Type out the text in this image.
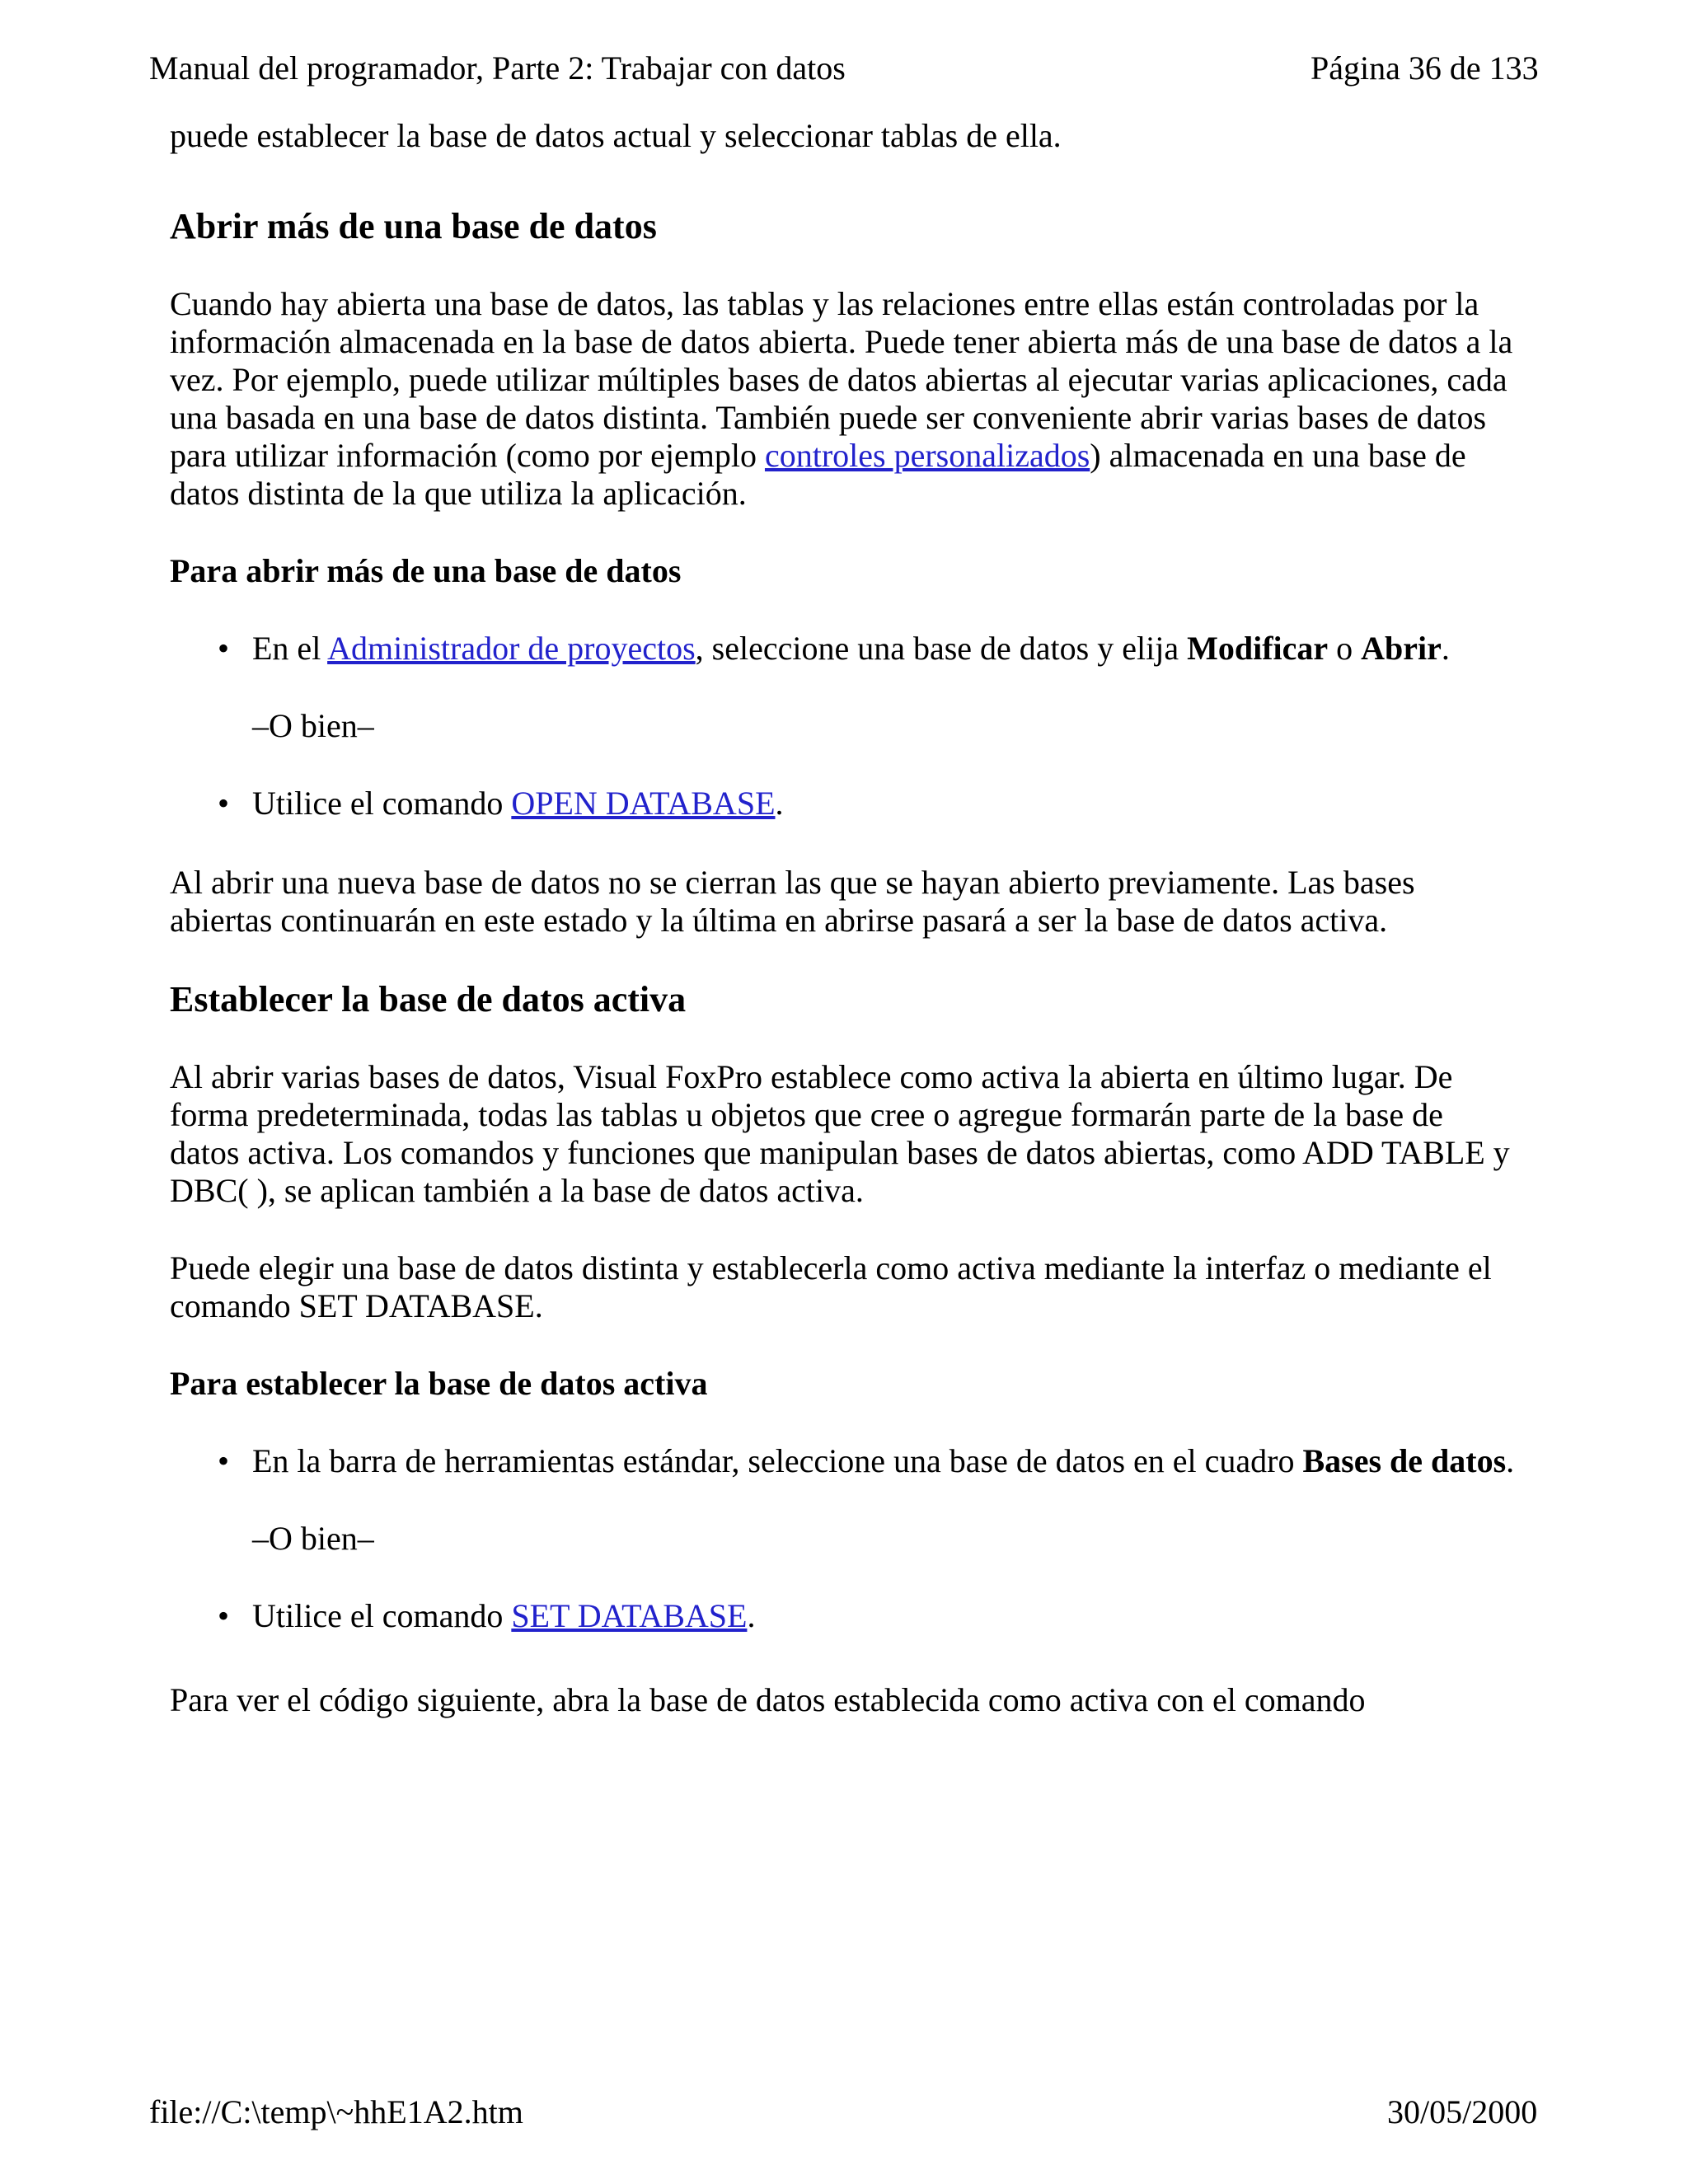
Manual del programador, Parte 2: Trabajar con datos	Página 36 de 133
puede establecer la base de datos actual y seleccionar tablas de ella.
Abrir más de una base de datos

Cuando hay abierta una base de datos, las tablas y las relaciones entre ellas están controladas por la
información almacenada en la base de datos abierta. Puede tener abierta más de una base de datos a la
vez. Por ejemplo, puede utilizar múltiples bases de datos abiertas al ejecutar varias aplicaciones, cada
una basada en una base de datos distinta. También puede ser conveniente abrir varias bases de datos
para utilizar información (como por ejemplo controles personalizados) almacenada en una base de
datos distinta de la que utiliza la aplicación.

Para abrir más de una base de datos

• En el Administrador de proyectos, seleccione una base de datos y elija Modificar o Abrir.

–O bien–

• Utilice el comando OPEN DATABASE.

Al abrir una nueva base de datos no se cierran las que se hayan abierto previamente. Las bases
abiertas continuarán en este estado y la última en abrirse pasará a ser la base de datos activa.

Establecer la base de datos activa

Al abrir varias bases de datos, Visual FoxPro establece como activa la abierta en último lugar. De
forma predeterminada, todas las tablas u objetos que cree o agregue formarán parte de la base de
datos activa. Los comandos y funciones que manipulan bases de datos abiertas, como ADD TABLE y
DBC( ), se aplican también a la base de datos activa.

Puede elegir una base de datos distinta y establecerla como activa mediante la interfaz o mediante el
comando SET DATABASE.

Para establecer la base de datos activa

• En la barra de herramientas estándar, seleccione una base de datos en el cuadro Bases de datos.

–O bien–

• Utilice el comando SET DATABASE.

Para ver el código siguiente, abra la base de datos establecida como activa con el comando
file://C:\temp\~hhE1A2.htm	30/05/2000
